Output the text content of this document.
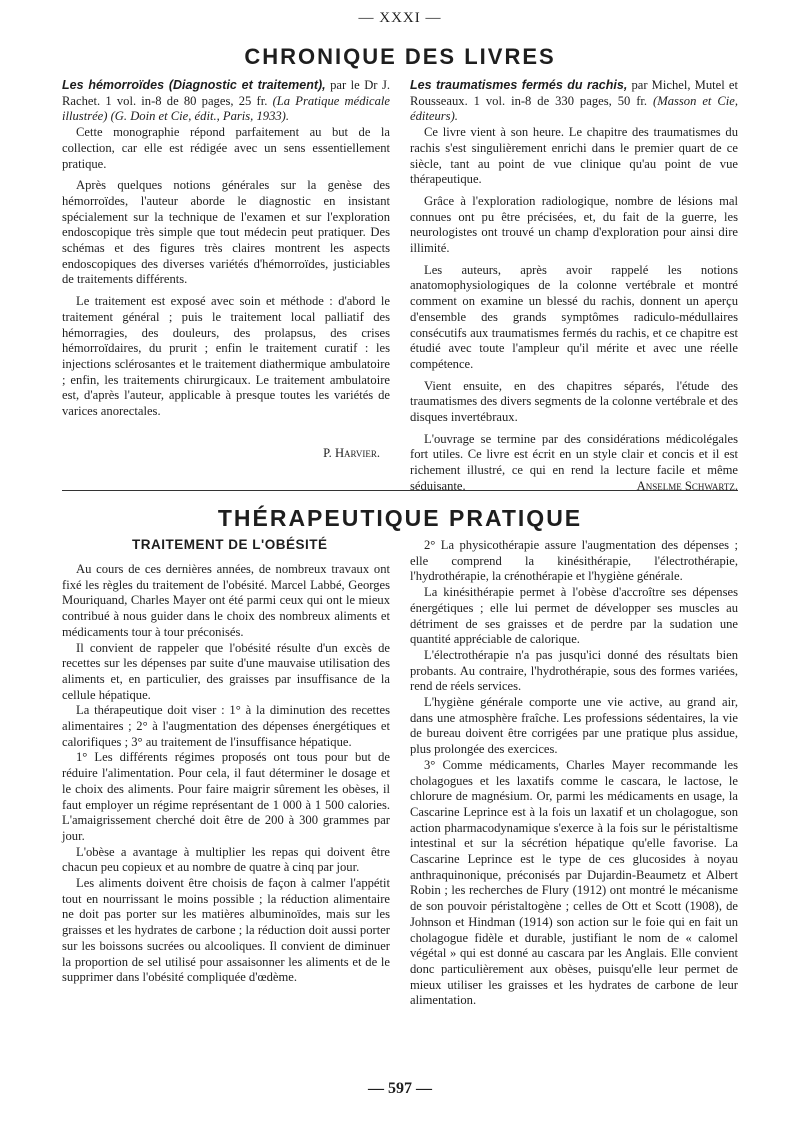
— XXXI —
CHRONIQUE DES LIVRES

Les hémorroïdes (Diagnostic et traitement), par le Dr J. Rachet. 1 vol. in-8 de 80 pages, 25 fr. (La Pratique médicale illustrée) (G. Doin et Cie, édit., Paris, 1933).

Cette monographie répond parfaitement au but de la collection, car elle est rédigée avec un sens essentiellement pratique.

Après quelques notions générales sur la genèse des hémorroïdes, l'auteur aborde le diagnostic en insistant spécialement sur la technique de l'examen et sur l'exploration endoscopique très simple que tout médecin peut pratiquer. Des schémas et des figures très claires montrent les aspects endoscopiques des diverses variétés d'hémorroïdes, justiciables de traitements différents.

Le traitement est exposé avec soin et méthode : d'abord le traitement général ; puis le traitement local palliatif des hémorragies, des douleurs, des prolapsus, des crises hémorroïdaires, du prurit ; enfin le traitement curatif : les injections sclérosantes et le traitement diathermique ambulatoire ; enfin, les traitements chirurgicaux. Le traitement ambulatoire est, d'après l'auteur, applicable à presque toutes les variétés de varices anorectales.

P. Harvier.

Les traumatismes fermés du rachis, par Michel, Mutel et Rousseaux. 1 vol. in-8 de 330 pages, 50 fr. (Masson et Cie, éditeurs).

Ce livre vient à son heure. Le chapitre des traumatismes du rachis s'est singulièrement enrichi dans le premier quart de ce siècle, tant au point de vue clinique qu'au point de vue thérapeutique.

Grâce à l'exploration radiologique, nombre de lésions mal connues ont pu être précisées, et, du fait de la guerre, les neurologistes ont trouvé un champ d'exploration pour ainsi dire illimité.

Les auteurs, après avoir rappelé les notions anatomophysiologiques de la colonne vertébrale et montré comment on examine un blessé du rachis, donnent un aperçu d'ensemble des grands symptômes radiculo-médullaires consécutifs aux traumatismes fermés du rachis, et ce chapitre est étudié avec toute l'ampleur qu'il mérite et avec une réelle compétence.

Vient ensuite, en des chapitres séparés, l'étude des traumatismes des divers segments de la colonne vertébrale et des disques invertébraux.

L'ouvrage se termine par des considérations médicolégales fort utiles. Ce livre est écrit en un style clair et concis et il est richement illustré, ce qui en rend la lecture facile et même séduisante.	Anselme Schwartz.

THÉRAPEUTIQUE PRATIQUE
TRAITEMENT DE L'OBÉSITÉ

Au cours de ces dernières années, de nombreux travaux ont fixé les règles du traitement de l'obésité. Marcel Labbé, Georges Mouriquand, Charles Mayer ont été parmi ceux qui ont le mieux contribué à nous guider dans le choix des nombreux aliments et médicaments tour à tour préconisés.

Il convient de rappeler que l'obésité résulte d'un excès de recettes sur les dépenses par suite d'une mauvaise utilisation des aliments et, en particulier, des graisses par insuffisance de la cellule hépatique.

La thérapeutique doit viser : 1° à la diminution des recettes alimentaires ; 2° à l'augmentation des dépenses énergétiques et calorifiques ; 3° au traitement de l'insuffisance hépatique.

1° Les différents régimes proposés ont tous pour but de réduire l'alimentation. Pour cela, il faut déterminer le dosage et le choix des aliments. Pour faire maigrir sûrement les obèses, il faut employer un régime représentant de 1 000 à 1 500 calories. L'amaigrissement cherché doit être de 200 à 300 grammes par jour.

L'obèse a avantage à multiplier les repas qui doivent être chacun peu copieux et au nombre de quatre à cinq par jour.

Les aliments doivent être choisis de façon à calmer l'appétit tout en nourrissant le moins possible ; la réduction alimentaire ne doit pas porter sur les matières albuminoïdes, mais sur les graisses et les hydrates de carbone ; la réduction doit aussi porter sur les boissons sucrées ou alcooliques. Il convient de diminuer la proportion de sel utilisé pour assaisonner les aliments et de le supprimer dans l'obésité compliquée d'œdème.

2° La physicothérapie assure l'augmentation des dépenses ; elle comprend la kinésithérapie, l'électrothérapie, l'hydrothérapie, la crénothérapie et l'hygiène générale.

La kinésithérapie permet à l'obèse d'accroître ses dépenses énergétiques ; elle lui permet de développer ses muscles au détriment de ses graisses et de perdre par la sudation une quantité appréciable de calorique.

L'électrothérapie n'a pas jusqu'ici donné des résultats bien probants. Au contraire, l'hydrothérapie, sous des formes variées, rend de réels services.

L'hygiène générale comporte une vie active, au grand air, dans une atmosphère fraîche. Les professions sédentaires, la vie de bureau doivent être corrigées par une pratique plus assidue, plus prolongée des exercices.

3° Comme médicaments, Charles Mayer recommande les cholagogues et les laxatifs comme le cascara, le lactose, le chlorure de magnésium. Or, parmi les médicaments en usage, la Cascarine Leprince est à la fois un laxatif et un cholagogue, son action pharmacodynamique s'exerce à la fois sur le péristaltisme intestinal et sur la sécrétion hépatique qu'elle favorise. La Cascarine Leprince est le type de ces glucosides à noyau anthraquinonique, préconisés par Dujardin-Beaumetz et Albert Robin ; les recherches de Flury (1912) ont montré le mécanisme de son pouvoir péristaltogène ; celles de Ott et Scott (1908), de Johnson et Hindman (1914) son action sur le foie qui en fait un cholagogue fidèle et durable, justifiant le nom de « calomel végétal » qui est donné au cascara par les Anglais. Elle convient donc particulièrement aux obèses, puisqu'elle leur permet de mieux utiliser les graisses et les hydrates de carbone de leur alimentation.

— 597 —
